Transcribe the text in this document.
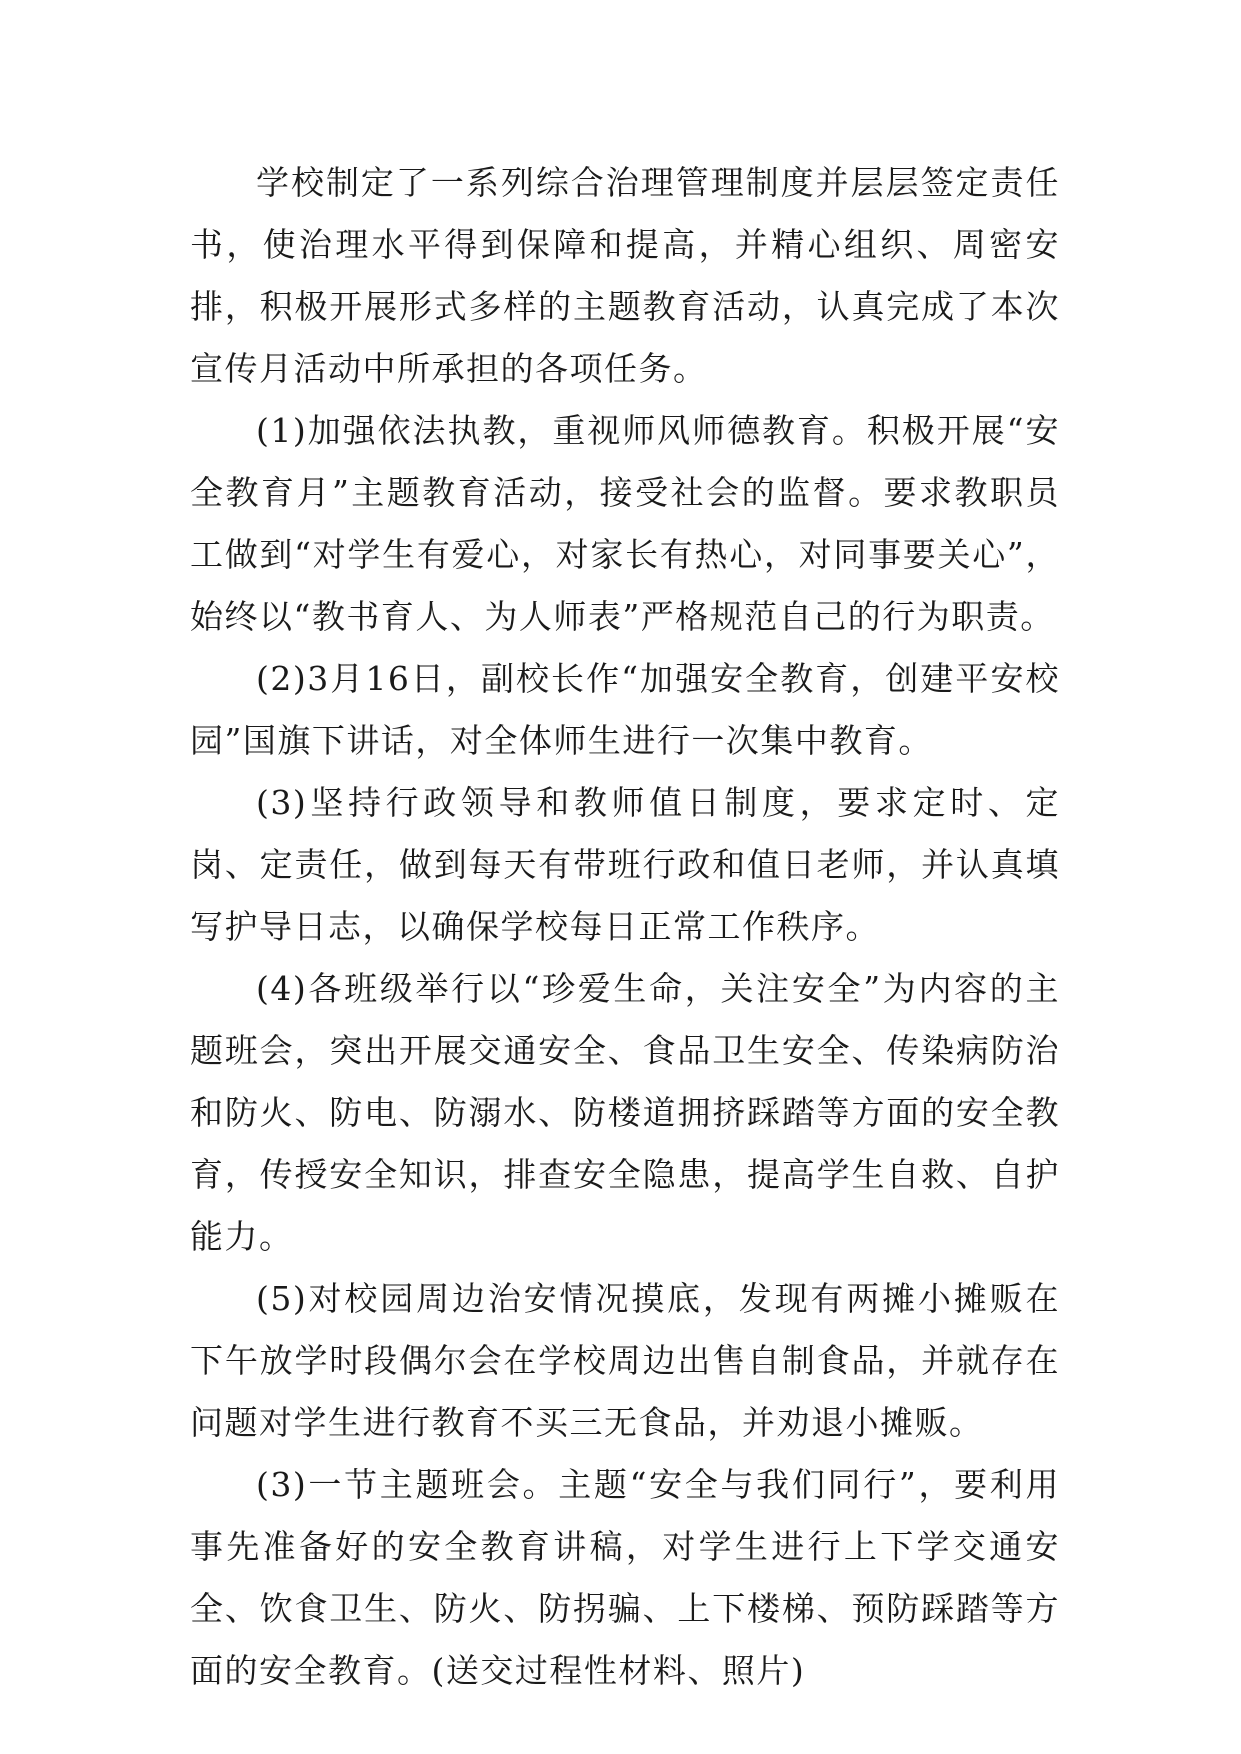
学校制定了一系列综合治理管理制度并层层签定责任书，使治理水平得到保障和提高，并精心组织、周密安排，积极开展形式多样的主题教育活动，认真完成了本次宣传月活动中所承担的各项任务。

(1)加强依法执教，重视师风师德教育。积极开展“安全教育月”主题教育活动，接受社会的监督。要求教职员工做到“对学生有爱心，对家长有热心，对同事要关心”，始终以“教书育人、为人师表”严格规范自己的行为职责。

(2)3月16日，副校长作“加强安全教育，创建平安校园”国旗下讲话，对全体师生进行一次集中教育。

(3)坚持行政领导和教师值日制度，要求定时、定岗、定责任，做到每天有带班行政和值日老师，并认真填写护导日志，以确保学校每日正常工作秩序。

(4)各班级举行以“珍爱生命，关注安全”为内容的主题班会，突出开展交通安全、食品卫生安全、传染病防治和防火、防电、防溺水、防楼道拥挤踩踏等方面的安全教育，传授安全知识，排查安全隐患，提高学生自救、自护能力。

(5)对校园周边治安情况摸底，发现有两摊小摊贩在下午放学时段偶尔会在学校周边出售自制食品，并就存在问题对学生进行教育不买三无食品，并劝退小摊贩。

(3)一节主题班会。主题“安全与我们同行”，要利用事先准备好的安全教育讲稿，对学生进行上下学交通安全、饮食卫生、防火、防拐骗、上下楼梯、预防踩踏等方面的安全教育。(送交过程性材料、照片)
